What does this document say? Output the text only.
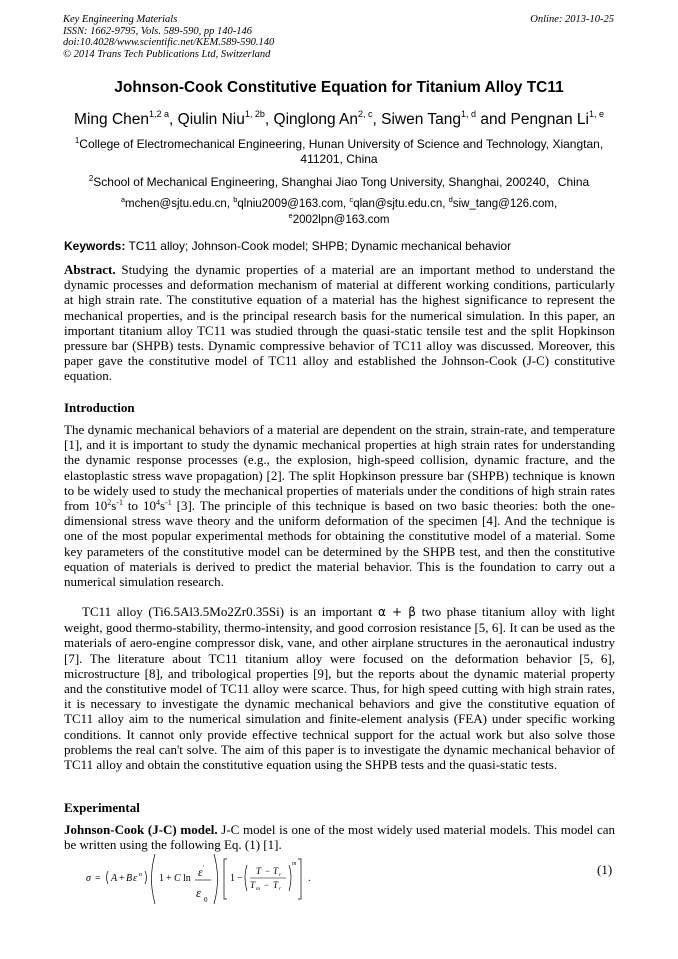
Key Engineering Materials
ISSN: 1662-9795, Vols. 589-590, pp 140-146
doi:10.4028/www.scientific.net/KEM.589-590.140
© 2014 Trans Tech Publications Ltd, Switzerland
Online: 2013-10-25
Johnson-Cook Constitutive Equation for Titanium Alloy TC11
Ming Chen$^{1,2 a}$, Qiulin Niu$^{1, 2b}$, Qinglong An$^{2, c}$, Siwen Tang$^{1, d}$ and Pengnan Li$^{1, e}$
$^1$College of Electromechanical Engineering, Hunan University of Science and Technology, Xiangtan, 411201, China
$^2$School of Mechanical Engineering, Shanghai Jiao Tong University, Shanghai, 200240，China
$^a$mchen@sjtu.edu.cn, $^b$qlniu2009@163.com, $^c$qlan@sjtu.edu.cn, $^d$siw_tang@126.com,
$^e$2002lpn@163.com
Keywords: TC11 alloy; Johnson-Cook model; SHPB; Dynamic mechanical behavior
Abstract. Studying the dynamic properties of a material are an important method to understand the dynamic processes and deformation mechanism of material at different working conditions, particularly at high strain rate. The constitutive equation of a material has the highest significance to represent the mechanical properties, and is the principal research basis for the numerical simulation. In this paper, an important titanium alloy TC11 was studied through the quasi-static tensile test and the split Hopkinson pressure bar (SHPB) tests. Dynamic compressive behavior of TC11 alloy was discussed. Moreover, this paper gave the constitutive model of TC11 alloy and established the Johnson-Cook (J-C) constitutive equation.
Introduction
The dynamic mechanical behaviors of a material are dependent on the strain, strain-rate, and temperature [1], and it is important to study the dynamic mechanical properties at high strain rates for understanding the dynamic response processes (e.g., the explosion, high-speed collision, dynamic fracture, and the elastoplastic stress wave propagation) [2]. The split Hopkinson pressure bar (SHPB) technique is known to be widely used to study the mechanical properties of materials under the conditions of high strain rates from $10^2s^{-1}$ to $10^4s^{-1}$ [3]. The principle of this technique is based on two basic theories: both the one-dimensional stress wave theory and the uniform deformation of the specimen [4]. And the technique is one of the most popular experimental methods for obtaining the constitutive model of a material. Some key parameters of the constitutive model can be determined by the SHPB test, and then the constitutive equation of materials is derived to predict the material behavior. This is the foundation to carry out a numerical simulation research.
TC11 alloy (Ti6.5Al3.5Mo2Zr0.35Si) is an important α + β two phase titanium alloy with light weight, good thermo-stability, thermo-intensity, and good corrosion resistance [5, 6]. It can be used as the materials of aero-engine compressor disk, vane, and other airplane structures in the aeronautical industry [7]. The literature about TC11 titanium alloy were focused on the deformation behavior [5, 6], microstructure [8], and tribological properties [9], but the reports about the dynamic material property and the constitutive model of TC11 alloy were scarce. Thus, for high speed cutting with high strain rates, it is necessary to investigate the dynamic mechanical behaviors and give the constitutive equation of TC11 alloy aim to the numerical simulation and finite-element analysis (FEA) under specific working conditions. It cannot only provide effective technical support for the actual work but also solve those problems the real can't solve. The aim of this paper is to investigate the dynamic mechanical behavior of TC11 alloy and obtain the constitutive equation using the SHPB tests and the quasi-static tests.
Experimental
Johnson-Cook (J-C) model. J-C model is one of the most widely used material models. This model can be written using the following Eq. (1) [1].
σ = A + B ε n 1 + C ln
·
ε
ε 0
1 −
T − T r
T m − T r
m
.
(1)
